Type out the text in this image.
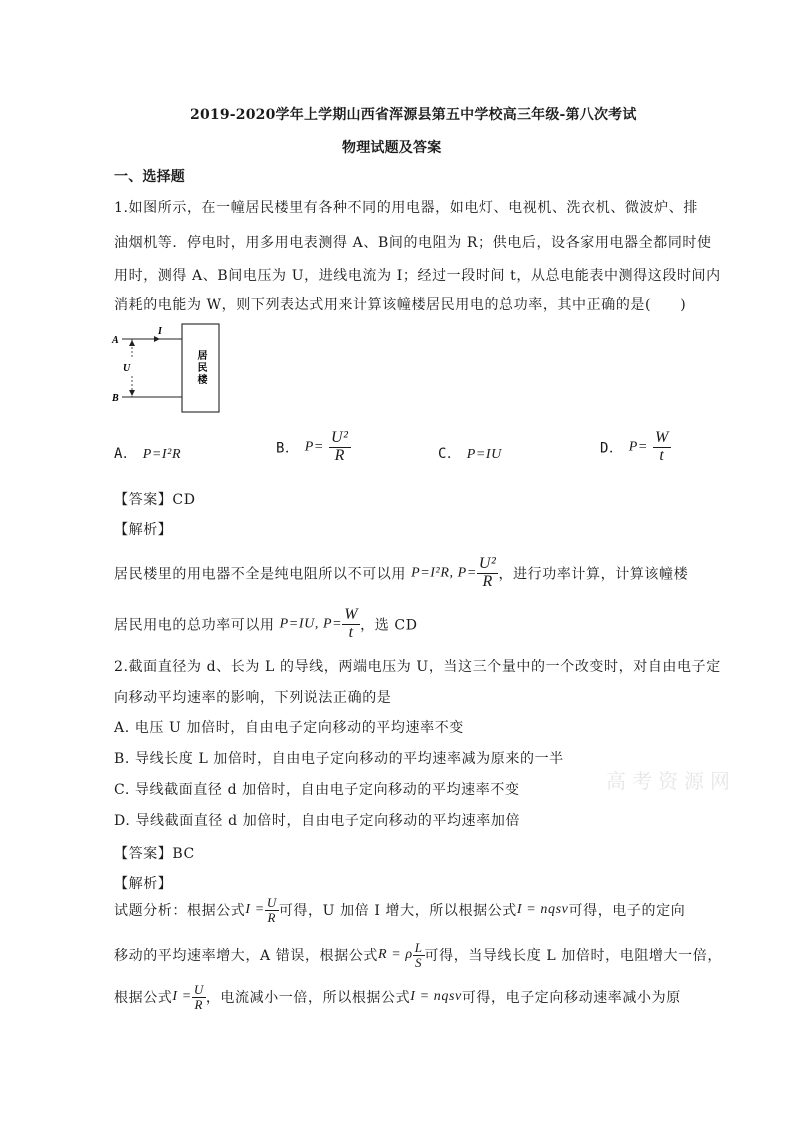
2019-2020学年上学期山西省浑源县第五中学校高三年级-第八次考试
物理试题及答案
一、选择题
1.如图所示，在一幢居民楼里有各种不同的用电器，如电灯、电视机、洗衣机、微波炉、排
油烟机等．停电时，用多用电表测得 A、B间的电阻为 R；供电后，设各家用电器全都同时使
用时，测得 A、B间电压为 U，进线电流为 I；经过一段时间 t，从总电能表中测得这段时间内
消耗的电能为 W，则下列表达式用来计算该幢楼居民用电的总功率，其中正确的是(　　)
A
B
I
U	居民楼
A． P=I²R	B． $P= \frac{\text{U²}}{R}$	C． P=IU	D． $P= \frac{W}{t}$
【答案】CD
【解析】
居民楼里的用电器不全是纯电阻所以不可以用 P=I²R, $P= \frac{\text{U²}}{R}$ ，进行功率计算，计算该幢楼
居民用电的总功率可以用 P=IU, $P= \frac{W}{t}$ ，选 CD
2.截面直径为 d、长为 L 的导线，两端电压为 U，当这三个量中的一个改变时，对自由电子定
向移动平均速率的影响，下列说法正确的是
A. 电压 U 加倍时，自由电子定向移动的平均速率不变
B. 导线长度 L 加倍时，自由电子定向移动的平均速率减为原来的一半
C. 导线截面直径 d 加倍时，自由电子定向移动的平均速率不变
D. 导线截面直径 d 加倍时，自由电子定向移动的平均速率加倍
高考资源网
【答案】BC
【解析】
试题分析：根据公式$I = \frac{U}{R}$ 可得，U 加倍 I 增大，所以根据公式I = nqsv可得，电子的定向
移动的平均速率增大，A 错误，根据公式R = ρ $\frac{L}{S}$ 可得，当导线长度 L 加倍时，电阻增大一倍，
根据公式$I = \frac{U}{R}$ ，电流减小一倍，所以根据公式I = nqsv可得，电子定向移动速率减小为原
